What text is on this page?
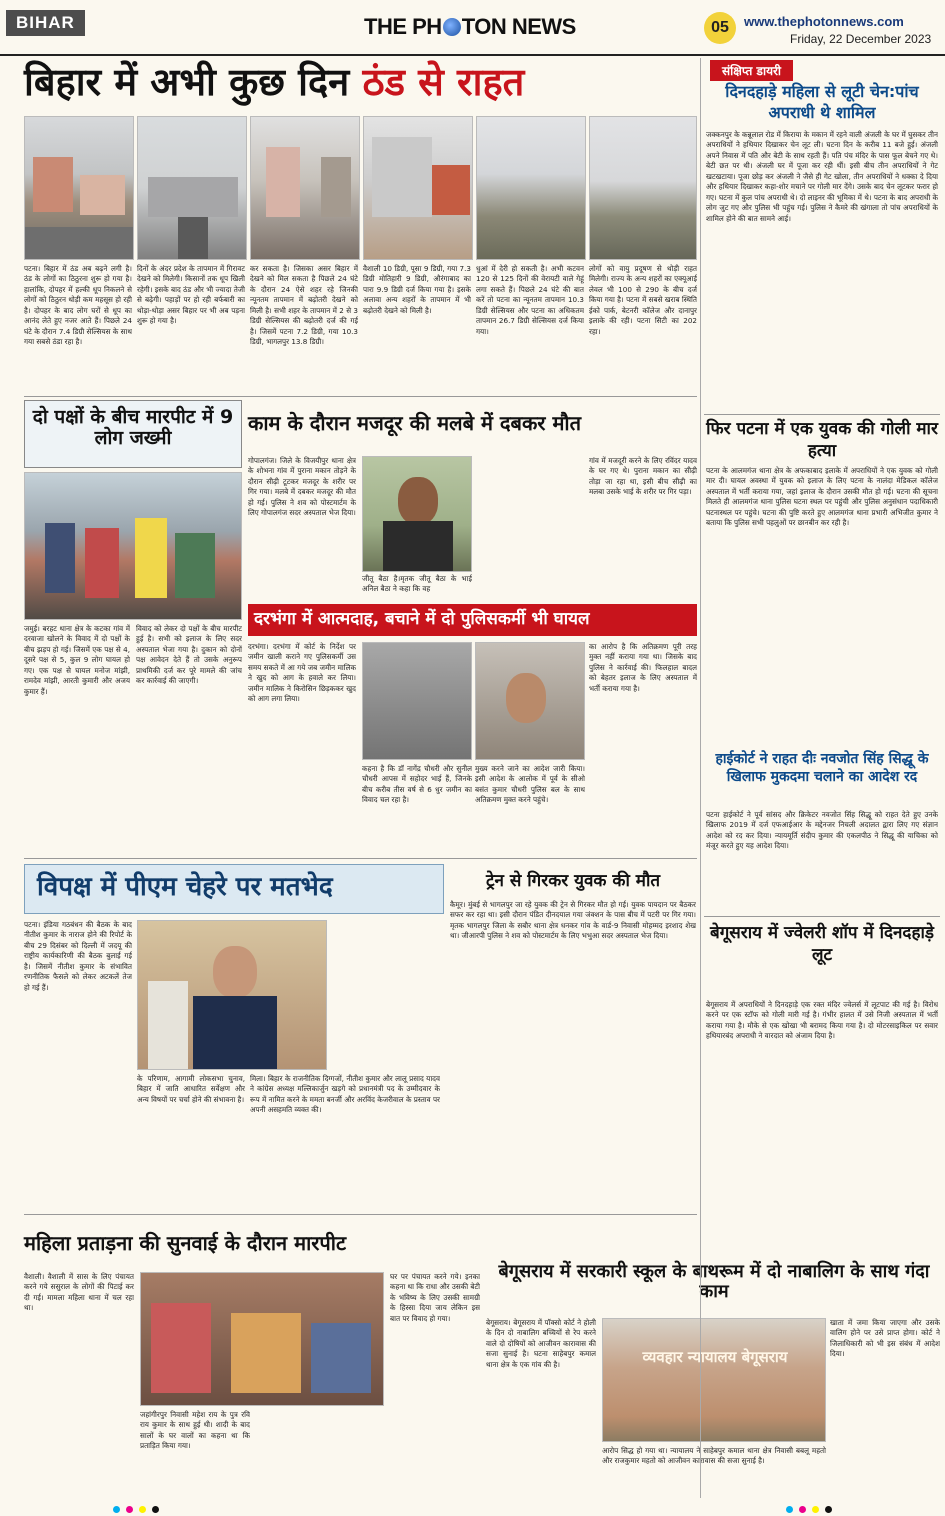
BIHAR	THE PH TON NEWS	05	www.thephotonnews.com
Friday, 22 December 2023
बिहार में अभी कुछ दिन ठंड से राहत
पटना। बिहार में ठंड अब बढ़ने लगी है। ठंड के लोगों का ठिठुरना शुरू हो गया है। हालांकि, दोपहर में हल्की धूप निकलने से लोगों को ठिठुरन थोड़ी कम महसूस हो रही है। दोपहर के बाद लोग घरों से धूप का आनंद लेते हुए नजर आते हैं। पिछले 24 घंटे के दौरान 7.4 डिग्री सेल्सियस के साथ गया सबसे ठंडा रहा है।
दिनों के अंदर प्रदेश के तापमान में गिरावट देखने को मिलेगी। किसानों तक धूप खिली रहेगी। इसके बाद ठंड और भी ज्यादा तेजी से बढ़ेगी। पहाड़ों पर हो रही बर्फबारी का थोड़ा-थोड़ा असर बिहार पर भी अब पड़ना शुरू हो गया है।
कर सकता है। जिसका असर बिहार में देखने को मिल सकता है पिछले 24 घंटे के दौरान 24 ऐसे शहर रहे जिनकी न्यूनतम तापमान में बढ़ोतरी देखने को मिली है। सभी शहर के तापमान में 2 से 3 डिग्री सेल्सियस की बढ़ोतरी दर्ज की गई है। जिसमें पटना 7.2 डिग्री, गया 10.3 डिग्री, भागलपुर 13.8 डिग्री।
वैशाली 10 डिग्री, पूसा 9 डिग्री, गया 7.3 डिग्री मोतिहारी 9 डिग्री, औरंगाबाद का पारा 9.9 डिग्री दर्ज किया गया है। इसके अलावा अन्य शहरों के तापमान में भी बढ़ोतरी देखने को मिली है।
धुआं में देरी हो सकती है। अभी कटवन 120 से 125 दिनों की वेरायटी वाले गेहूं लगा सकते हैं। पिछले 24 घंटे की बात करें तो पटना का न्यूनतम तापमान 10.3 डिग्री सेल्सियस और पटना का अधिकतम तापमान 26.7 डिग्री सेल्सियस दर्ज किया गया।
लोगों को वायु प्रदूषण से थोड़ी राहत मिलेगी। राज्य के अन्य शहरों का एक्यूआई लेवल भी 100 से 290 के बीच दर्ज किया गया है। पटना में सबसे खराब स्थिति ईको पार्क, बेटनरी कॉलेज और दानापुर इलाके की रही। पटना सिटी का 202 रहा।
दो पक्षों के बीच मारपीट में 9 लोग जख्मी
जमुई। बरहट थाना क्षेत्र के कटका गांव में दरवाजा खोलने के विवाद में दो पक्षों के बीच झड़प हो गई। जिसमें एक पक्ष से 4, दूसरे पक्ष से 5, कुल 9 लोग घायल हो गए। एक पक्ष से घायल मनोज मांझी, रामदेव मांझी, आरती कुमारी और अजय कुमार हैं।
विवाद को लेकर दो पक्षों के बीच मारपीट हुई है। सभी को इलाज के लिए सदर अस्पताल भेजा गया है। दुकान को दोनों पक्ष आवेदन देते हैं तो उसके अनुरूप प्राथमिकी दर्ज कर पूरे मामले की जांच कर कार्रवाई की जाएगी।
काम के दौरान मजदूर की मलबे में दबकर मौत
गोपालगंज। जिले के विजयीपुर थाना क्षेत्र के शोभना गांव में पुराना मकान तोड़ने के दौरान सीढ़ी टूटकर मजदूर के शरीर पर गिर गया। मलबे में दबकर मजदूर की मौत हो गई। पुलिस ने शव को पोस्टमार्टम के लिए गोपालगंज सदर अस्पताल भेज दिया।
जीतू बैठा है।मृतक जीतू बैठा के भाई अनिल बैठा ने कहा कि वह
गांव में मजदूरी करने के लिए रविंदर यादव के घर गए थे। पुराना मकान का सीढ़ी तोड़ा जा रहा था, इसी बीच सीढ़ी का मलबा उसके भाई के शरीर पर गिर पड़ा।
दरभंगा में आत्मदाह, बचाने में दो पुलिसकर्मी भी घायल
दरभंगा। दरभंगा में कोर्ट के निर्देश पर जमीन खाली कराने गए पुलिसकर्मी उस समय सकते में आ गये जब जमीन मालिक ने खुद को आग के हवाले कर लिया। जमीन मालिक ने किरोसिन छिड़ककर खुद को आग लगा लिया।
कहना है कि डॉ नागेंद्र चौधरी और सुनील चौधरी आपस में सहोदर भाई हैं, जिनके बीच करीब तीस वर्ष से 6 धुर जमीन का विवाद चल रहा है।
मुख्य करने जाने का आदेश जारी किया। इसी आदेश के आलोक में पूर्व के सीओ बसंत कुमार चौधरी पुलिस बल के साथ अतिक्रमण मुक्त करने पहुंचे।
का आरोप है कि अतिक्रमण पूरी तरह मुक्त नहीं कराया गया था। जिसके बाद पुलिस ने कार्रवाई की। फिलहाल बादल को बेहतर इलाज के लिए अस्पताल में भर्ती कराया गया है।
विपक्ष में पीएम चेहरे पर मतभेद
पटना। इंडिया गठबंधन की बैठक के बाद नीतीश कुमार के नाराज होने की रिपोर्ट के बीच 29 दिसंबर को दिल्ली में जदयू की राष्ट्रीय कार्यकारिणी की बैठक बुलाई गई है। जिसमें नीतीश कुमार के संभावित रणनीतिक फैसले को लेकर अटकलें तेज हो गई हैं।
के परिणाम, आगामी लोकसभा चुनाव, बिहार में जाति आधारित सर्वेक्षण और अन्य विषयों पर चर्चा होने की संभावना है।
मिला। बिहार के राजनीतिक दिग्गजों, नीतीश कुमार और लालू प्रसाद यादव ने कांग्रेस अध्यक्ष मल्लिकार्जुन खड़गे को प्रधानमंत्री पद के उम्मीदवार के रूप में नामित करने के ममता बनर्जी और अरविंद केजरीवाल के प्रस्ताव पर अपनी असहमति व्यक्त की।
ट्रेन से गिरकर युवक की मौत
कैमूर। मुंबई से भागलपुर जा रहे युवक की ट्रेन से गिरकर मौत हो गई। युवक पायदान पर बैठकर सफर कर रहा था। इसी दौरान पंडित दीनदयाल गया जंक्शन के पास बीच में पटरी पर गिर गया। मृतक भागलपुर जिला के सबौर थाना क्षेत्र धनकर गांव के वार्ड-9 निवासी मोहम्मद इरशाद शेख था। जीआरपी पुलिस ने शव को पोस्टमार्टम के लिए भभुआ सदर अस्पताल भेज दिया।
बेगूसराय में सरकारी स्कूल के बाथरूम में दो नाबालिग के साथ गंदा काम
बेगूसराय। बेगूसराय में पॉक्सो कोर्ट ने होली के दिन दो नाबालिग बच्चियों से रेप करने वाले दो दोषियों को आजीवन कारावास की सजा सुनाई है। घटना साहेबपुर कमाल थाना क्षेत्र के एक गांव की है।	व्यवहार न्यायालय बेगूसराय
आरोप सिद्ध हो गया था। न्यायालय ने साहेबपुर कमाल थाना क्षेत्र निवासी बबलू महतो और राजकुमार महतो को आजीवन कारावास की सजा सुनाई है।
खाता में जमा किया जाएगा और उसके वालिग होने पर उसे प्राप्त होगा। कोर्ट ने जिलाधिकारी को भी इस संबंध में आदेश दिया।
महिला प्रताड़ना की सुनवाई के दौरान मारपीट
वैशाली। वैशाली में सास के लिए पंचायत करने गये ससुराल के लोगों की पिटाई कर दी गई। मामला महिला थाना में चल रहा था।
जहांगीरपुर निवासी महेश राय के पुत्र रवि राय कुमार के साथ हुई थी। शादी के बाद सालों के घर वालों का कहना था कि प्रताड़ित किया गया।
घर पर पंचायत करने गये। इनका कहना था कि राधा और उसकी बेटी के भविष्य के लिए उसकी सामग्री के हिस्सा दिया जाय लेकिन इस बात पर विवाद हो गया।
संक्षिप्त डायरी
दिनदहाड़े महिला से लूटी चेन:पांच अपराधी थे शामिल
जक्कनपुर के कन्नूलाल रोड में किराया के मकान में रहने वाली अंजली के घर में घुसकर तीन अपराधियों ने हथियार दिखाकर चेन लूट ली। घटना दिन के करीब 11 बजे हुई। अंजली अपने निवास में पति और बेटी के साथ रहती हैं। पति पंच मंदिर के पास फूल बेचने गए थे। बेटी छत पर थी। अंजली घर में पूजा कर रही थीं। इसी बीच तीन अपराधियों ने गेट खटखटाया। पूजा छोड़ कर अंजली ने जैसे ही गेट खोला, तीन अपराधियों ने धक्का दे दिया और हथियार दिखाकर कहा-शोर मचाने पर गोली मार देंगे। उसके बाद चेन लूटकर फरार हो गए। घटना में कुल पांच अपराधी थे। दो लाइनर की भूमिका में थे। पटना के बाद अपराधी के लोग जुट गए और पुलिस भी पहुंच गई। पुलिस ने कैमरे की खंगाला तो पांच अपराधियों के शामिल होने की बात सामने आई।
फिर पटना में एक युवक की गोली मार हत्या
पटना के आलमगंज थाना क्षेत्र के अफकाबाद इलाके में अपराधियों ने एक युवक को गोली मार दी। घायल अवस्था में युवक को इलाज के लिए पटना के नालंदा मेडिकल कॉलेज अस्पताल में भर्ती कराया गया, जहां इलाज के दौरान उसकी मौत हो गई। घटना की सूचना मिलते ही आलमगंज थाना पुलिस घटना स्थल पर पहुंची और पुलिस अनुसंधान पदाधिकारी घटनास्थल पर पहुंचे। घटना की पुष्टि करते हुए आलमगंज थाना प्रभारी अभिजीत कुमार ने बताया कि पुलिस सभी पहलुओं पर छानबीन कर रही है।
हाईकोर्ट ने राहत दीः नवजोत सिंह सिद्धू के खिलाफ मुकदमा चलाने का आदेश रद
पटना हाईकोर्ट ने पूर्व सांसद और क्रिकेटर नवजोत सिंह सिद्धू को राहत देते हुए उनके खिलाफ 2019 में दर्ज एफआईआर के मद्देनजर निचली अदालत द्वारा लिए गए संज्ञान आदेश को रद कर दिया। न्यायमूर्ति संदीप कुमार की एकलपीठ ने सिद्धू की याचिका को मंजूर करते हुए यह आदेश दिया।
बेगूसराय में ज्वेलरी शॉप में दिनदहाड़े लूट
बेगूसराय में अपराधियों ने दिनदहाड़े एक रक्त मंदिर ज्वेलर्स में लूटपाट की गई है। विरोध करने पर एक स्टॉफ को गोली मारी गई है। गंभीर हालत में उसे निजी अस्पताल में भर्ती कराया गया है। मौके से एक खोखा भी बरामद किया गया है। दो मोटरसाइकिल पर सवार हथियारबंद अपराधी ने वारदात को अंजाम दिया है।
